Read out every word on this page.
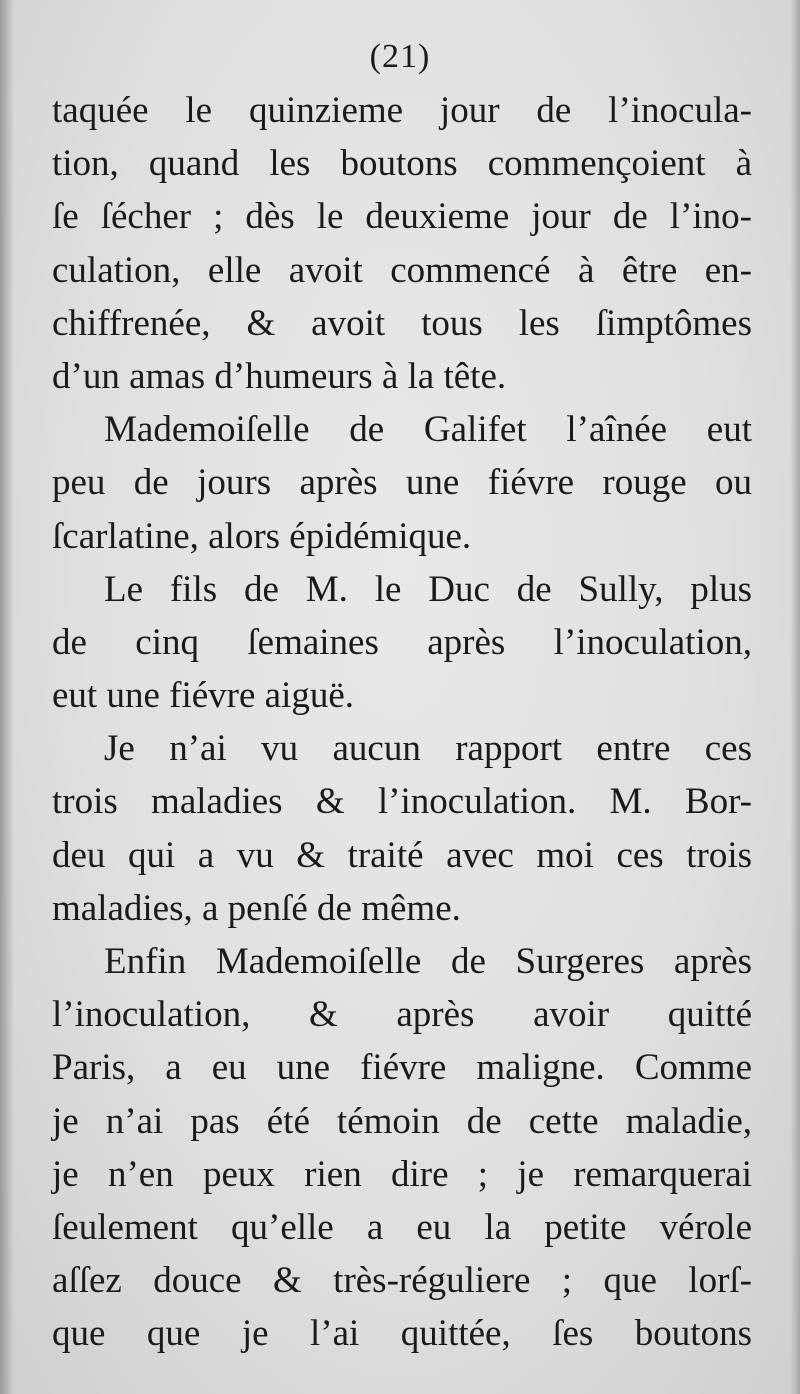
(21)
taquée le quinzieme jour de l’inocula-
tion, quand les boutons commençoient à
ſe ſécher ; dès le deuxieme jour de l’ino-
culation, elle avoit commencé à être en-
chiffrenée, & avoit tous les ſimptômes
d’un amas d’humeurs à la tête.
Mademoiſelle de Galifet l’aînée eut
peu de jours après une fiévre rouge ou
ſcarlatine, alors épidémique.
Le fils de M. le Duc de Sully, plus
de cinq ſemaines après l’inoculation,
eut une fiévre aiguë.
Je n’ai vu aucun rapport entre ces
trois maladies & l’inoculation. M. Bor-
deu qui a vu & traité avec moi ces trois
maladies, a penſé de même.
Enfin Mademoiſelle de Surgeres après
l’inoculation, & après avoir quitté
Paris, a eu une fiévre maligne. Comme
je n’ai pas été témoin de cette maladie,
je n’en peux rien dire ; je remarquerai
ſeulement qu’elle a eu la petite vérole
aſſez douce & très-réguliere ; que lorſ-
que que je l’ai quittée, ſes boutons
